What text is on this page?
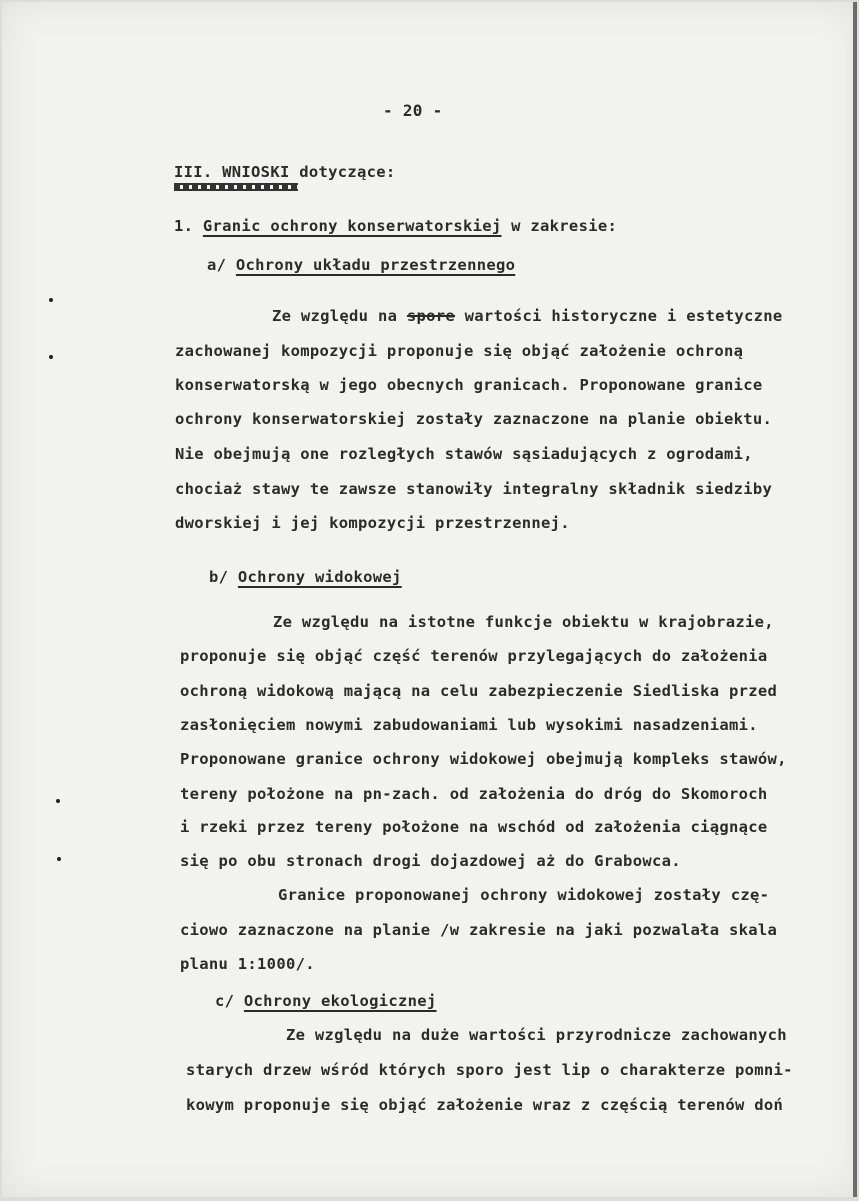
- 20 -
III. WNIOSKI dotyczące:
1. Granic ochrony konserwatorskiej w zakresie:
a/ Ochrony układu przestrzennego
Ze względu na spore wartości historyczne i estetyczne
zachowanej kompozycji proponuje się objąć założenie ochroną
konserwatorską w jego obecnych granicach. Proponowane granice
ochrony konserwatorskiej zostały zaznaczone na planie obiektu.
Nie obejmują one rozległych stawów sąsiadujących z ogrodami,
chociaż stawy te zawsze stanowiły integralny składnik siedziby
dworskiej i jej kompozycji przestrzennej.
b/ Ochrony widokowej
Ze względu na istotne funkcje obiektu w krajobrazie,
proponuje się objąć część terenów przylegających do założenia
ochroną widokową mającą na celu zabezpieczenie Siedliska przed
zasłonięciem nowymi zabudowaniami lub wysokimi nasadzeniami.
Proponowane granice ochrony widokowej obejmują kompleks stawów,
tereny położone na pn-zach. od założenia do dróg do Skomoroch
i rzeki przez tereny położone na wschód od założenia ciągnące
się po obu stronach drogi dojazdowej aż do Grabowca.
Granice proponowanej ochrony widokowej zostały czę-
ciowo zaznaczone na planie /w zakresie na jaki pozwalała skala
planu 1:1000/.
c/ Ochrony ekologicznej
Ze względu na duże wartości przyrodnicze zachowanych
starych drzew wśród których sporo jest lip o charakterze pomni-
kowym proponuje się objąć założenie wraz z częścią terenów doń
